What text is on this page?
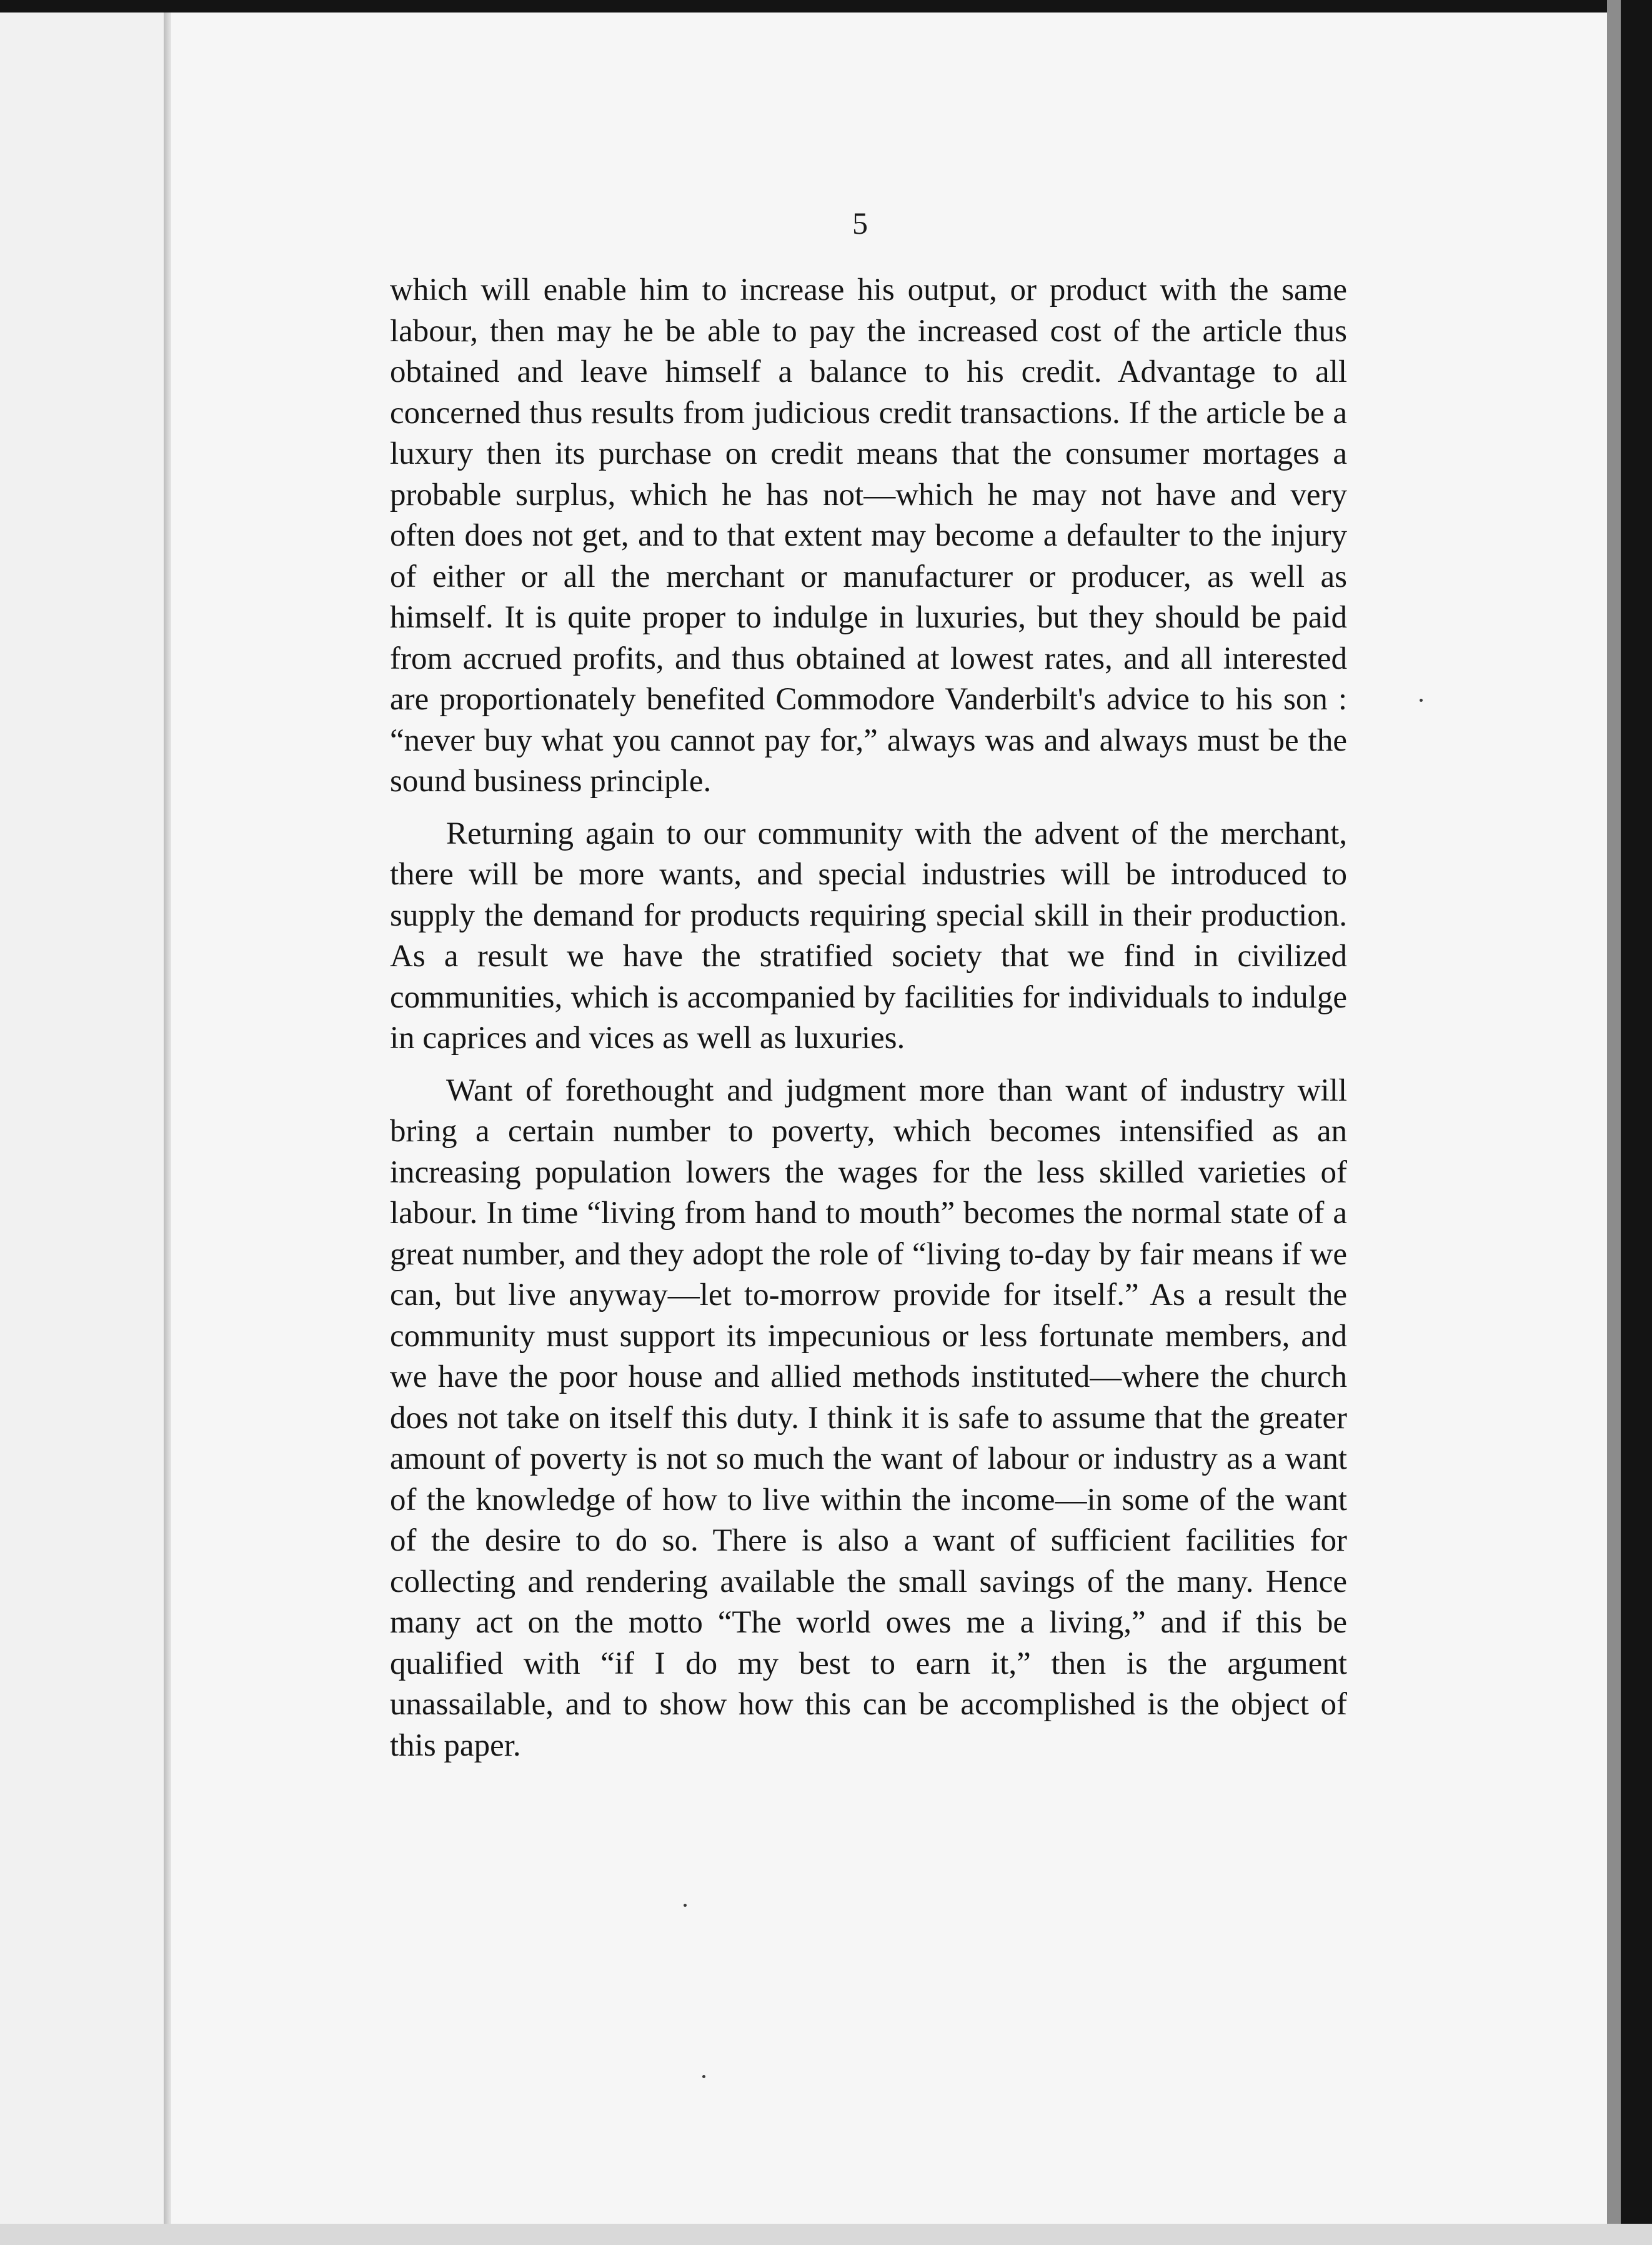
5

which will enable him to increase his output, or product with the same labour, then may he be able to pay the increased cost of the article thus obtained and leave himself a balance to his credit. Advantage to all concerned thus results from judicious credit transactions. If the article be a luxury then its purchase on credit means that the consumer mortages a probable surplus, which he has not—which he may not have and very often does not get, and to that extent may become a defaulter to the injury of either or all the merchant or manufacturer or producer, as well as himself. It is quite proper to indulge in luxuries, but they should be paid from accrued profits, and thus obtained at lowest rates, and all interested are proportionately benefited Commodore Vanderbilt's advice to his son : “never buy what you cannot pay for,” always was and always must be the sound business principle.

Returning again to our community with the advent of the merchant, there will be more wants, and special industries will be introduced to supply the demand for products requiring special skill in their production. As a result we have the stratified society that we find in civilized communities, which is accompanied by facilities for individuals to indulge in caprices and vices as well as luxuries.

Want of forethought and judgment more than want of industry will bring a certain number to poverty, which becomes intensified as an increasing population lowers the wages for the less skilled varieties of labour. In time “living from hand to mouth” becomes the normal state of a great number, and they adopt the role of “living to-day by fair means if we can, but live anyway—let to-morrow provide for itself.” As a result the community must support its impecunious or less fortunate members, and we have the poor house and allied methods instituted—where the church does not take on itself this duty. I think it is safe to assume that the greater amount of poverty is not so much the want of labour or industry as a want of the knowledge of how to live within the income—in some of the want of the desire to do so. There is also a want of sufficient facilities for collecting and rendering available the small savings of the many. Hence many act on the motto “The world owes me a living,” and if this be qualified with “if I do my best to earn it,” then is the argument unassailable, and to show how this can be accomplished is the object of this paper.
